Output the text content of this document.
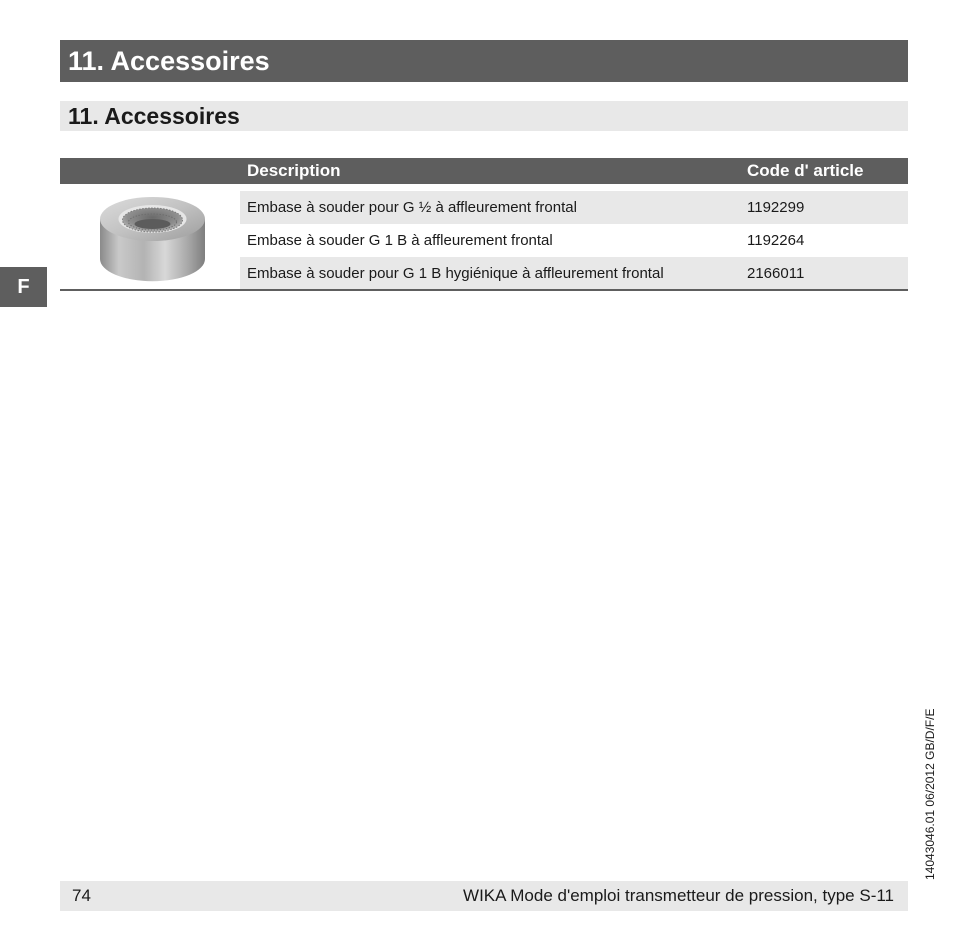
11. Accessoires
11. Accessoires
F
Description	Code d' article
Embase à souder pour G ½ à affleurement frontal	1192299
Embase à souder G 1 B à affleurement frontal	1192264
Embase à souder pour G 1 B hygiénique à affleurement frontal	2166011
14043046.01 06/2012 GB/D/F/E
74	WIKA Mode d'emploi transmetteur de pression, type S-11
